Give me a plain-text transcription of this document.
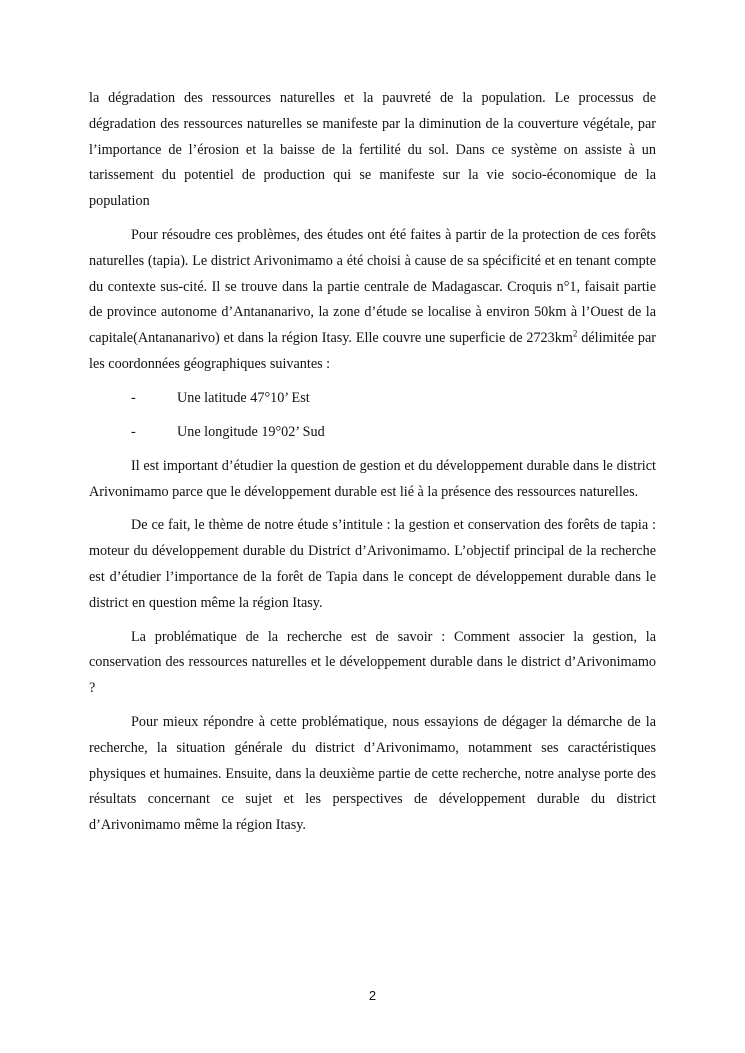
la dégradation des ressources naturelles et la pauvreté de la population. Le processus de dégradation des ressources naturelles se manifeste par la diminution de la couverture végétale, par l’importance de l’érosion et la baisse de la fertilité du sol. Dans ce système on assiste à un tarissement du potentiel de production qui se manifeste sur la vie socio-économique de la population

Pour résoudre ces problèmes, des études ont été faites à partir de la protection de ces forêts naturelles (tapia). Le district Arivonimamo a été choisi à cause de sa spécificité et en tenant compte du contexte sus-cité. Il se trouve dans la partie centrale de Madagascar. Croquis n°1, faisait partie de province autonome d’Antananarivo, la zone d’étude se localise à environ 50km à l’Ouest de la capitale(Antananarivo) et dans la région Itasy. Elle couvre une superficie de $2723km^2$ délimitée par les coordonnées géographiques suivantes :

-	Une latitude 47°10’ Est
-	Une longitude 19°02’ Sud

Il est important d’étudier la question de gestion et du développement durable dans le district Arivonimamo parce que le développement durable est lié à la présence des ressources naturelles.

De ce fait, le thème de notre étude s’intitule : la gestion et conservation des forêts de tapia : moteur du développement durable du District d’Arivonimamo. L’objectif principal de la recherche est d’étudier l’importance de la forêt de Tapia dans le concept de développement durable dans le district en question même la région Itasy.

La problématique de la recherche est de savoir : Comment associer la gestion, la conservation des ressources naturelles et le développement durable dans le district d’Arivonimamo ?

Pour mieux répondre à cette problématique, nous essayions de dégager la démarche de la recherche, la situation générale du district d’Arivonimamo, notamment ses caractéristiques physiques et humaines. Ensuite, dans la deuxième partie de cette recherche, notre analyse porte des résultats concernant ce sujet et les perspectives de développement durable du district d’Arivonimamo même la région Itasy.

2
